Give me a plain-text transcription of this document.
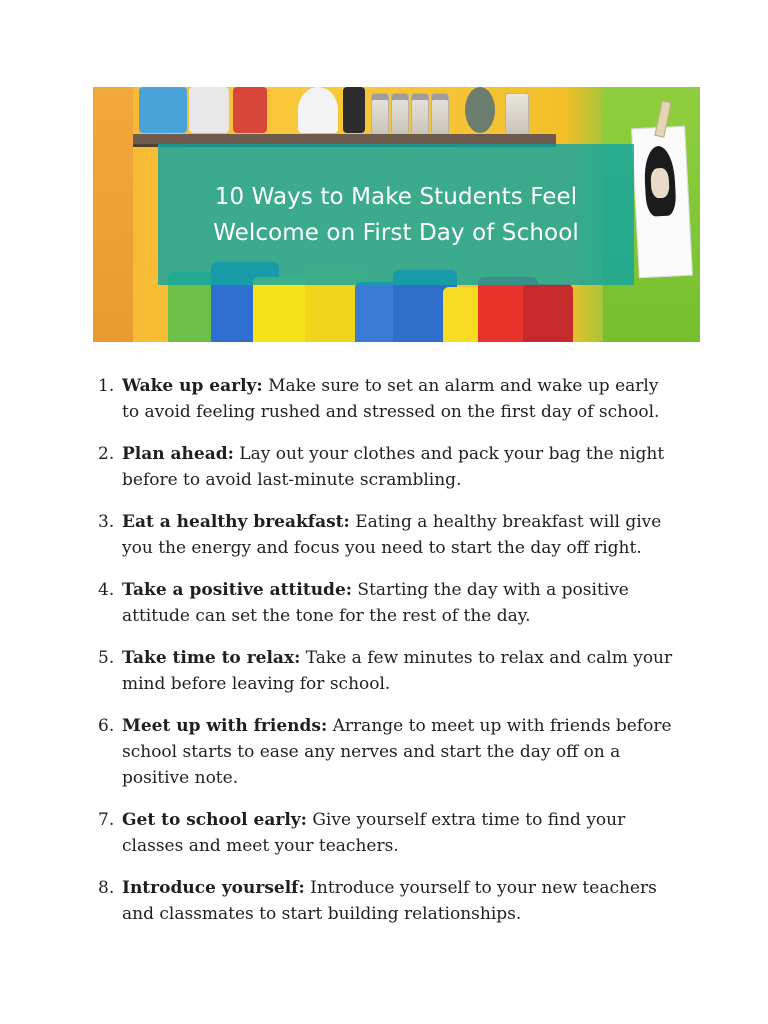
10 Ways to Make Students Feel
Welcome on First Day of School
1. Wake up early: Make sure to set an alarm and wake up early to avoid feeling rushed and stressed on the first day of school.
2. Plan ahead: Lay out your clothes and pack your bag the night before to avoid last-minute scrambling.
3. Eat a healthy breakfast: Eating a healthy breakfast will give you the energy and focus you need to start the day off right.
4. Take a positive attitude: Starting the day with a positive attitude can set the tone for the rest of the day.
5. Take time to relax: Take a few minutes to relax and calm your mind before leaving for school.
6. Meet up with friends: Arrange to meet up with friends before school starts to ease any nerves and start the day off on a positive note.
7. Get to school early: Give yourself extra time to find your classes and meet your teachers.
8. Introduce yourself: Introduce yourself to your new teachers and classmates to start building relationships.
